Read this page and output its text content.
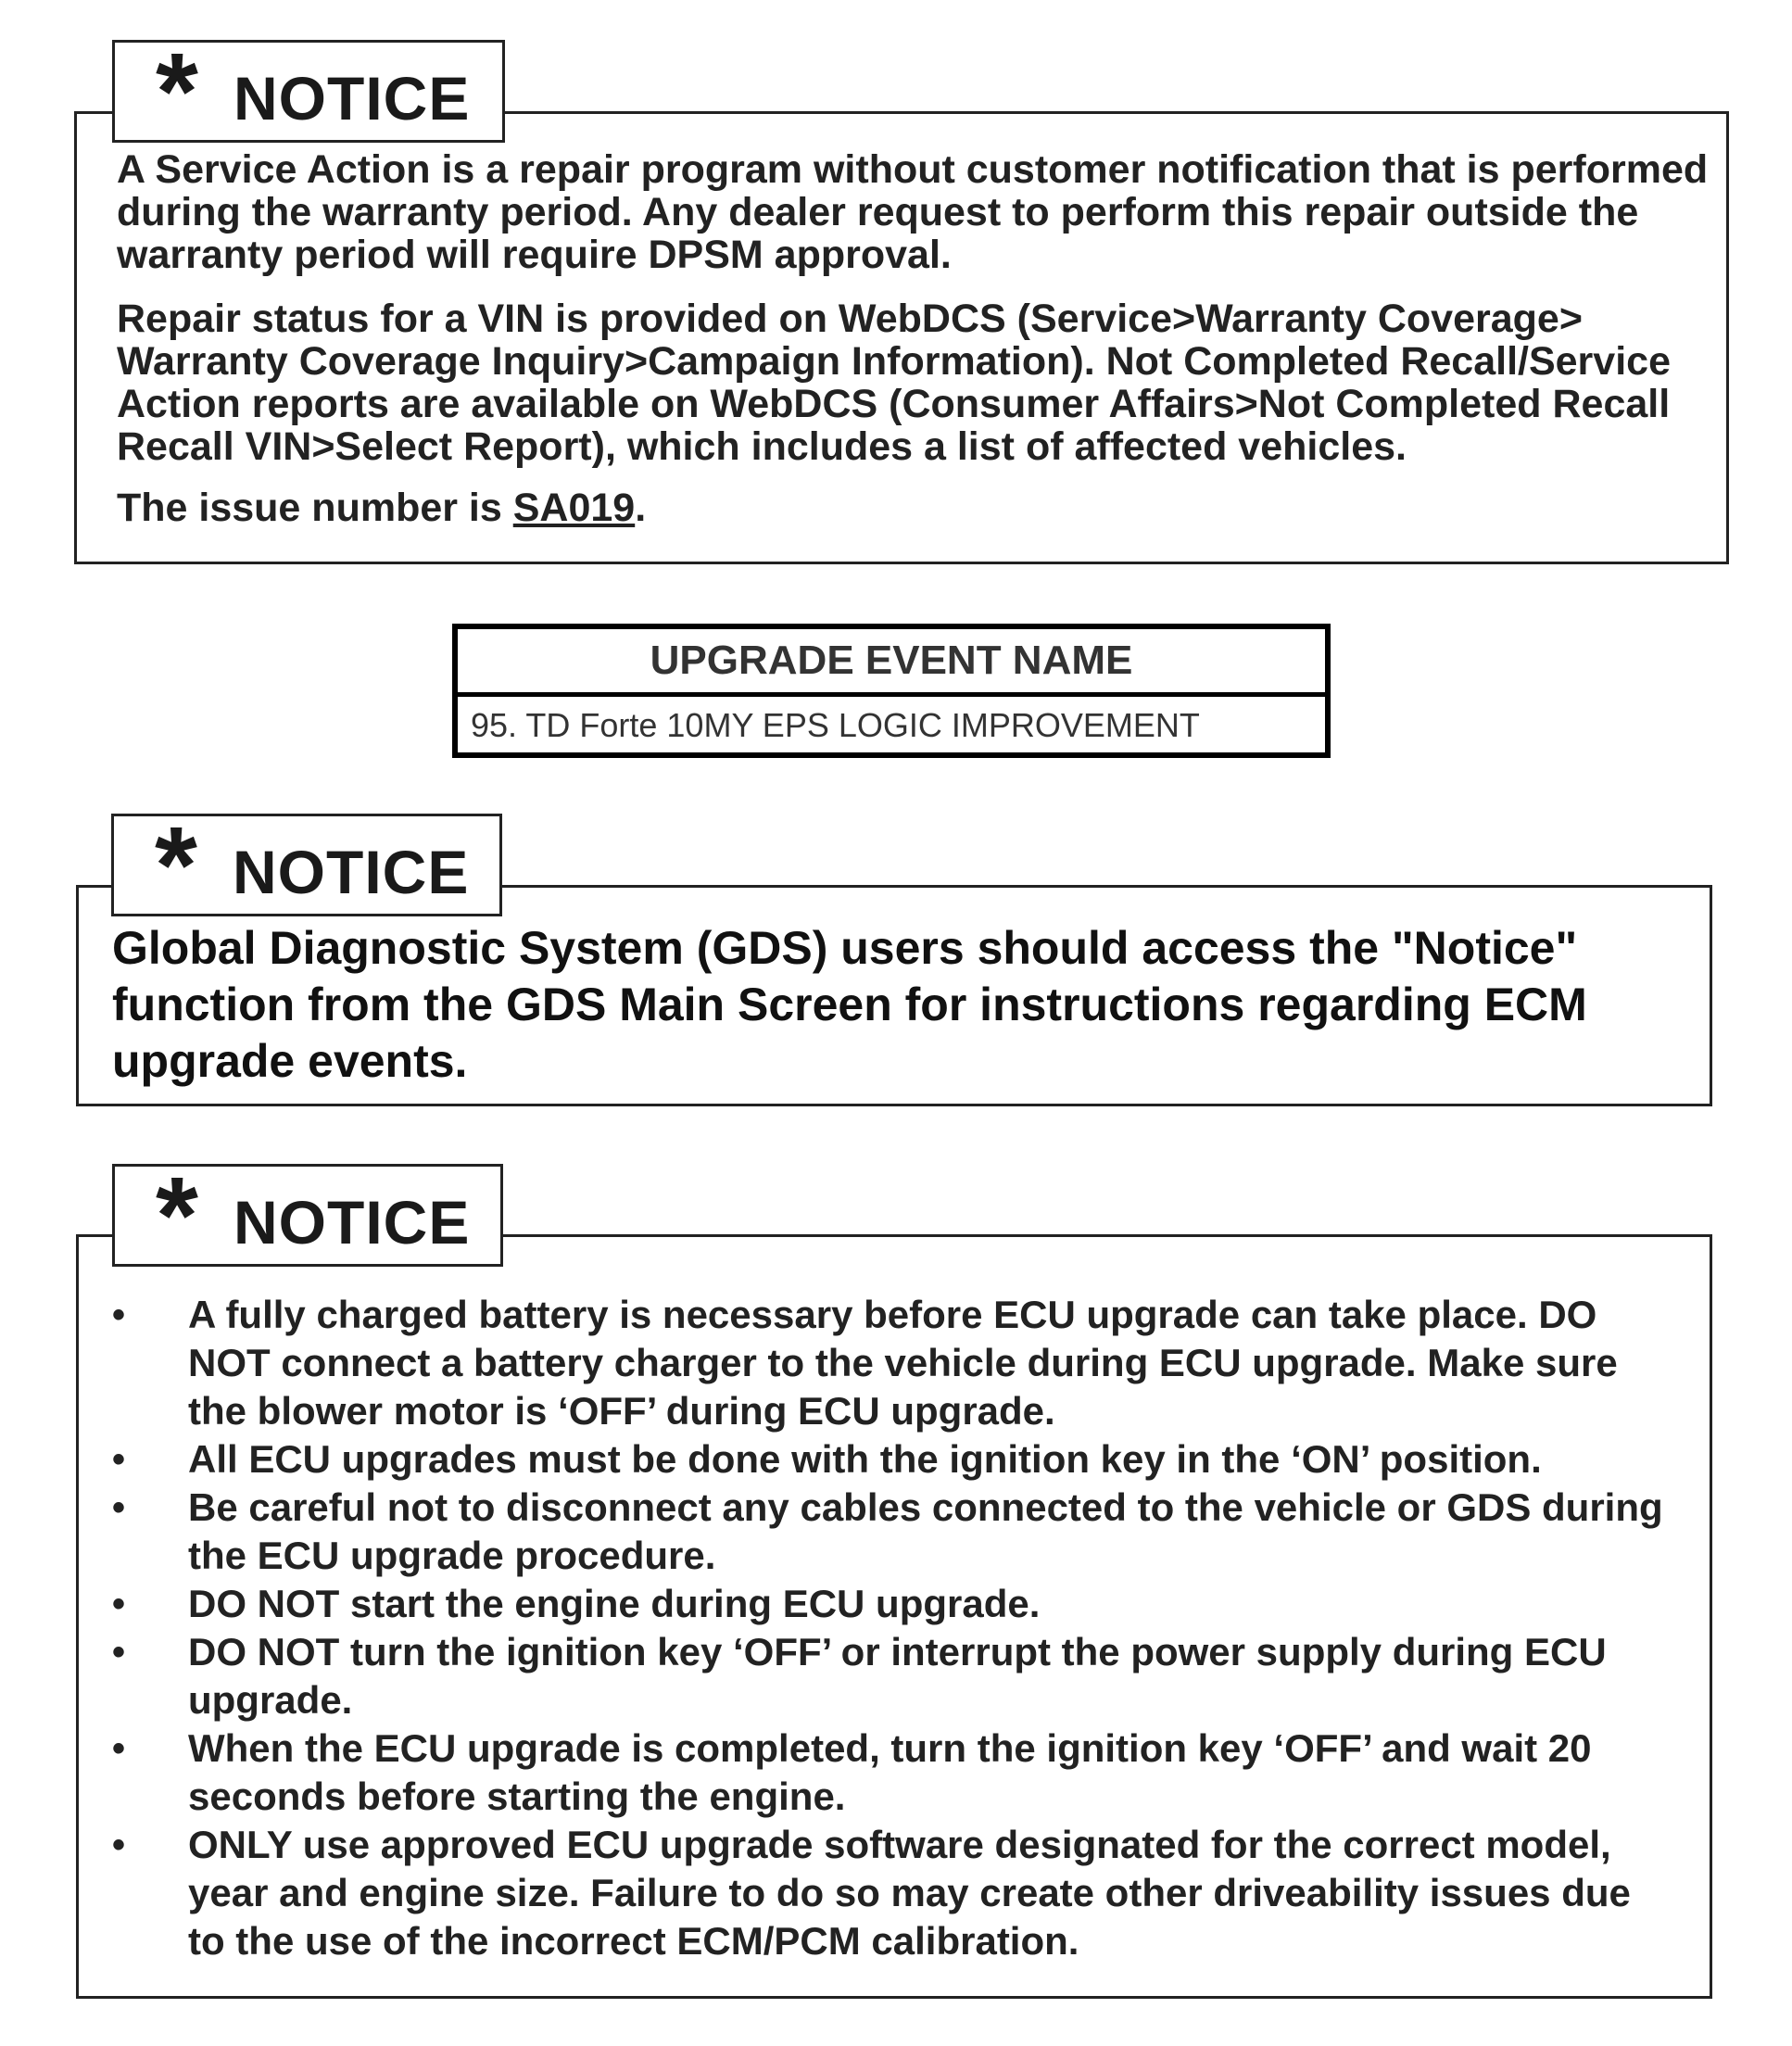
* NOTICE

A Service Action is a repair program without customer notification that is performed during the warranty period. Any dealer request to perform this repair outside the warranty period will require DPSM approval.

Repair status for a VIN is provided on WebDCS (Service>Warranty Coverage> Warranty Coverage Inquiry>Campaign Information). Not Completed Recall/Service Action reports are available on WebDCS (Consumer Affairs>Not Completed Recall Recall VIN>Select Report), which includes a list of affected vehicles.

The issue number is SA019.

UPGRADE EVENT NAME
95. TD Forte 10MY EPS LOGIC IMPROVEMENT
* NOTICE

Global Diagnostic System (GDS) users should access the "Notice" function from the GDS Main Screen for instructions regarding ECM upgrade events.

* NOTICE
• A fully charged battery is necessary before ECU upgrade can take place. DO NOT connect a battery charger to the vehicle during ECU upgrade. Make sure the blower motor is ‘OFF’ during ECU upgrade.
• All ECU upgrades must be done with the ignition key in the ‘ON’ position.
• Be careful not to disconnect any cables connected to the vehicle or GDS during the ECU upgrade procedure.
• DO NOT start the engine during ECU upgrade.
• DO NOT turn the ignition key ‘OFF’ or interrupt the power supply during ECU upgrade.
• When the ECU upgrade is completed, turn the ignition key ‘OFF’ and wait 20 seconds before starting the engine.
• ONLY use approved ECU upgrade software designated for the correct model, year and engine size. Failure to do so may create other driveability issues due to the use of the incorrect ECM/PCM calibration.
